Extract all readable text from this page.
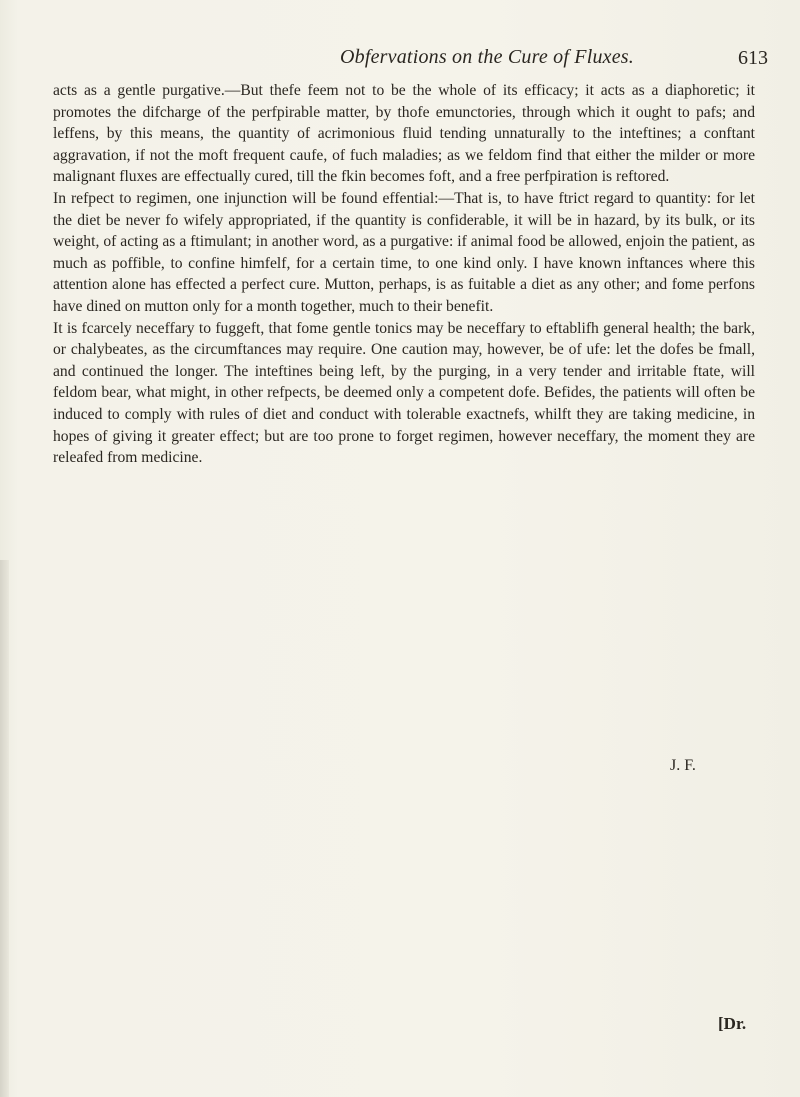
Obfervations on the Cure of Fluxes.	613

acts as a gentle purgative.—But thefe feem not to be the whole of its efficacy; it acts as a diaphoretic; it promotes the difcharge of the perfpirable matter, by thofe emunctories, through which it ought to pafs; and leffens, by this means, the quantity of acrimonious fluid tending unnaturally to the inteftines; a conftant aggravation, if not the moft frequent caufe, of fuch maladies; as we feldom find that either the milder or more malignant fluxes are effectually cured, till the fkin becomes foft, and a free perfpiration is reftored.

In refpect to regimen, one injunction will be found effential:—That is, to have ftrict regard to quantity: for let the diet be never fo wifely appropriated, if the quantity is confiderable, it will be in hazard, by its bulk, or its weight, of acting as a ftimulant; in another word, as a purgative: if animal food be allowed, enjoin the patient, as much as poffible, to confine himfelf, for a certain time, to one kind only. I have known inftances where this attention alone has effected a perfect cure. Mutton, perhaps, is as fuitable a diet as any other; and fome perfons have dined on mutton only for a month together, much to their benefit.

It is fcarcely neceffary to fuggeft, that fome gentle tonics may be neceffary to eftablifh general health; the bark, or chalybeates, as the circumftances may require. One caution may, however, be of ufe: let the dofes be fmall, and continued the longer. The inteftines being left, by the purging, in a very tender and irritable ftate, will feldom bear, what might, in other refpects, be deemed only a competent dofe. Befides, the patients will often be induced to comply with rules of diet and conduct with tolerable exactnefs, whilft they are taking medicine, in hopes of giving it greater effect; but are too prone to forget regimen, however neceffary, the moment they are releafed from medicine.

J. F.
[Dr.
